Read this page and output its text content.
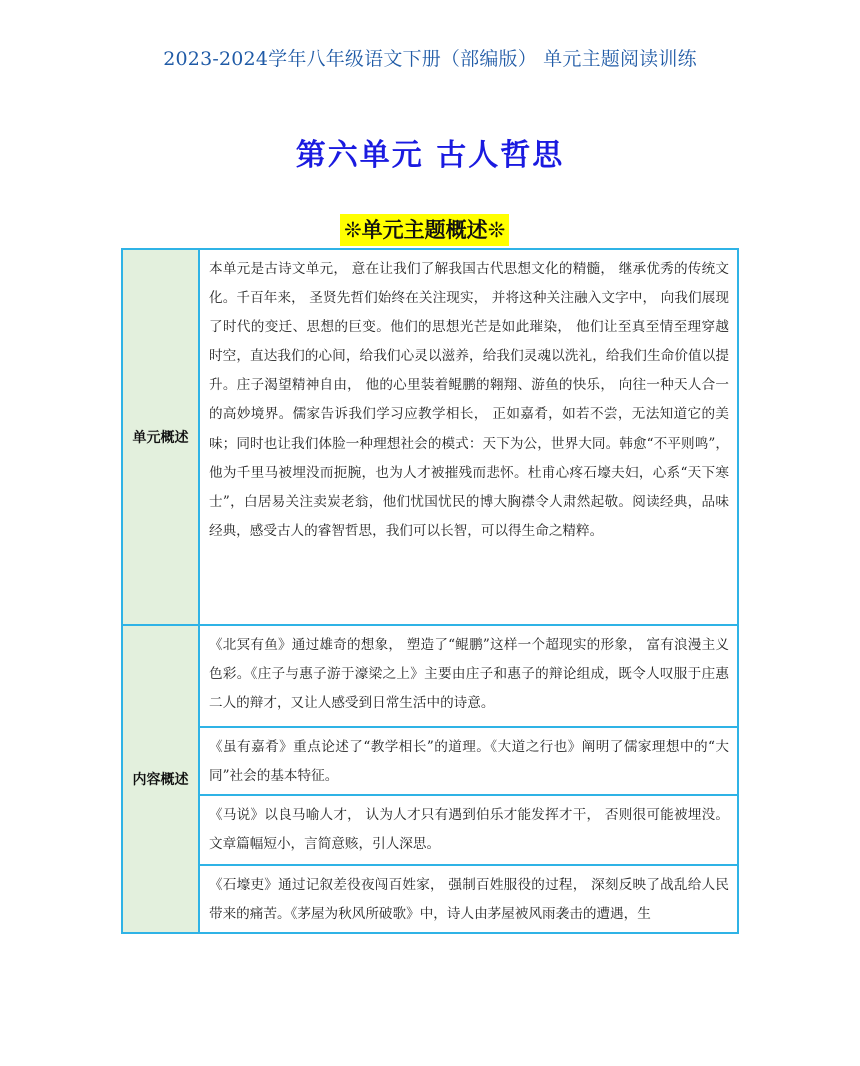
2023-2024学年八年级语文下册（部编版） 单元主题阅读训练
第六单元 古人哲思
❊单元主题概述❊
单元概述
本单元是古诗文单元， 意在让我们了解我国古代思想文化的精髓， 继承优秀的传统文化。千百年来， 圣贤先哲们始终在关注现实， 并将这种关注融入文字中， 向我们展现了时代的变迁、思想的巨变。他们的思想光芒是如此璀染， 他们让至真至情至理穿越时空，直达我们的心间，给我们心灵以滋养，给我们灵魂以洗礼，给我们生命价值以提升。庄子渴望精神自由， 他的心里装着鲲鹏的翱翔、游鱼的快乐， 向往一种天人合一的高妙境界。儒家告诉我们学习应教学相长， 正如嘉肴，如若不尝，无法知道它的美味；同时也让我们体脸一种理想社会的模式：天下为公，世界大同。韩愈“不平则鸣”，他为千里马被埋没而扼腕，也为人才被摧残而悲怀。杜甫心疼石壕夫妇，心系“天下寒士”，白居易关注卖炭老翁，他们忧国忧民的博大胸襟令人肃然起敬。阅读经典，品味经典，感受古人的睿智哲思，我们可以长智，可以得生命之精粹。
内容概述
《北冥有鱼》通过雄奇的想象， 塑造了“鲲鹏”这样一个超现实的形象， 富有浪漫主义色彩。《庄子与惠子游于濠梁之上》主要由庄子和惠子的辩论组成，既令人叹服于庄惠二人的辩才，又让人感受到日常生活中的诗意。
《虽有嘉肴》重点论述了“教学相长”的道理。《大道之行也》阐明了儒家理想中的“大同”社会的基本特征。
《马说》以良马喻人才， 认为人才只有遇到伯乐才能发挥才干， 否则很可能被埋没。文章篇幅短小，言简意赅，引人深思。
《石壕吏》通过记叙差役夜闯百姓家， 强制百姓服役的过程， 深刻反映了战乱给人民带来的痛苦。《茅屋为秋风所破歌》中，诗人由茅屋被风雨袭击的遭遇，生
